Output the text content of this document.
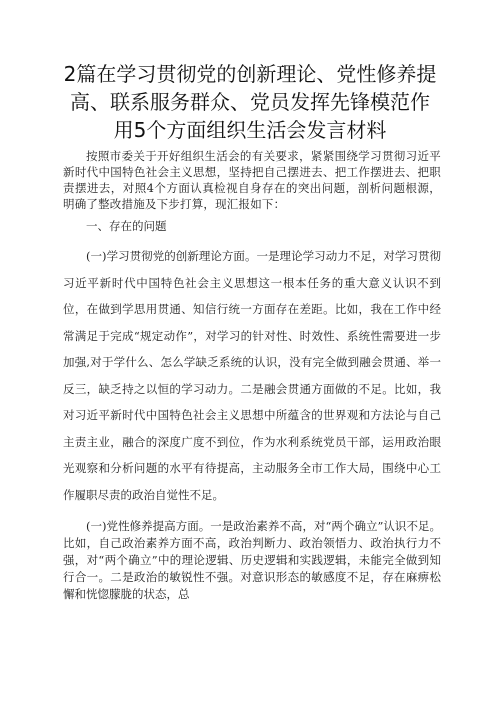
2篇在学习贯彻党的创新理论、党性修养提
高、联系服务群众、党员发挥先锋模范作
用5个方面组织生活会发言材料

按照市委关于开好组织生活会的有关要求，紧紧围绕学习贯彻习近平新时代中国特色社会主义思想，坚持把自己摆进去、把工作摆进去、把职责摆进去，对照4个方面认真检视自身存在的突出问题，剖析问题根源，明确了整改措施及下步打算，现汇报如下：

一、存在的问题

(一)学习贯彻党的创新理论方面。一是理论学习动力不足，对学习贯彻习近平新时代中国特色社会主义思想这一根本任务的重大意义认识不到位，在做到学思用贯通、知信行统一方面存在差距。比如，我在工作中经常满足于完成“规定动作”，对学习的针对性、时效性、系统性需要进一步加强,对于学什么、怎么学缺乏系统的认识，没有完全做到融会贯通、举一反三，缺乏持之以恒的学习动力。二是融会贯通方面做的不足。比如，我对习近平新时代中国特色社会主义思想中所蕴含的世界观和方法论与自己主责主业，融合的深度广度不到位，作为水利系统党员干部，运用政治眼光观察和分析问题的水平有待提高，主动服务全市工作大局，围绕中心工作履职尽责的政治自觉性不足。

(一)党性修养提高方面。一是政治素养不高，对“两个确立”认识不足。比如，自己政治素养方面不高，政治判断力、政治领悟力、政治执行力不强，对“两个确立”中的理论逻辑、历史逻辑和实践逻辑，未能完全做到知行合一。二是政治的敏锐性不强。对意识形态的敏感度不足，存在麻痹松懈和恍惚朦胧的状态，总
